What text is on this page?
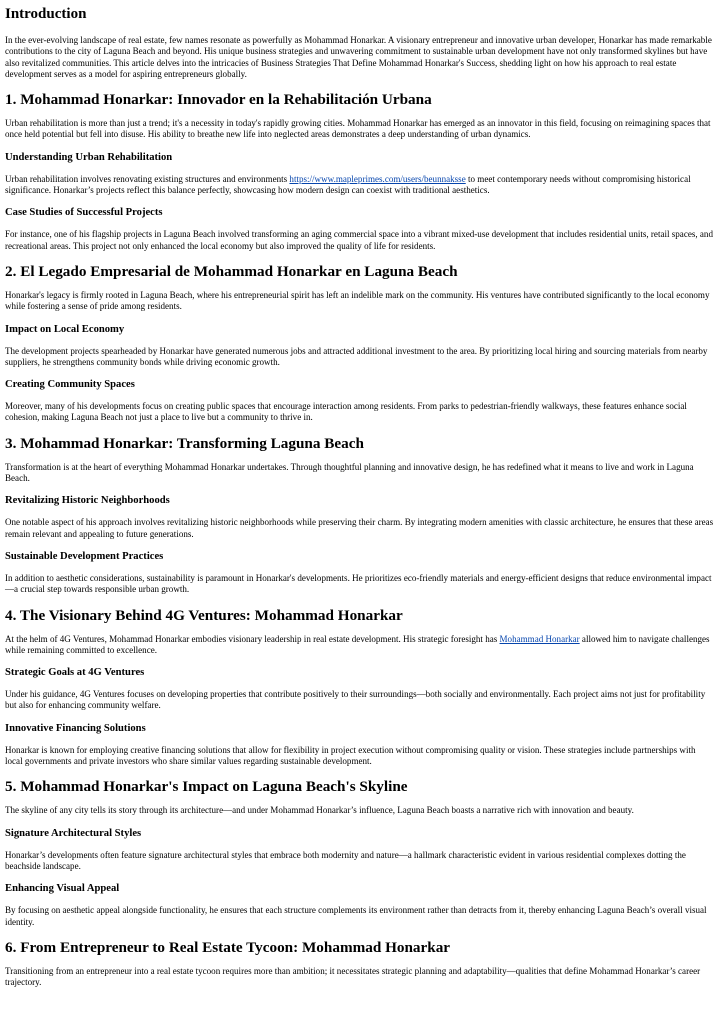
Introduction

In the ever-evolving landscape of real estate, few names resonate as powerfully as Mohammad Honarkar. A visionary entrepreneur and innovative urban developer, Honarkar has made remarkable contributions to the city of Laguna Beach and beyond. His unique business strategies and unwavering commitment to sustainable urban development have not only transformed skylines but have also revitalized communities. This article delves into the intricacies of Business Strategies That Define Mohammad Honarkar's Success, shedding light on how his approach to real estate development serves as a model for aspiring entrepreneurs globally.

1. Mohammad Honarkar: Innovador en la Rehabilitación Urbana

Urban rehabilitation is more than just a trend; it's a necessity in today's rapidly growing cities. Mohammad Honarkar has emerged as an innovator in this field, focusing on reimagining spaces that once held potential but fell into disuse. His ability to breathe new life into neglected areas demonstrates a deep understanding of urban dynamics.

Understanding Urban Rehabilitation

Urban rehabilitation involves renovating existing structures and environments https://www.mapleprimes.com/users/beunnaksse to meet contemporary needs without compromising historical significance. Honarkar’s projects reflect this balance perfectly, showcasing how modern design can coexist with traditional aesthetics.

Case Studies of Successful Projects

For instance, one of his flagship projects in Laguna Beach involved transforming an aging commercial space into a vibrant mixed-use development that includes residential units, retail spaces, and recreational areas. This project not only enhanced the local economy but also improved the quality of life for residents.

2. El Legado Empresarial de Mohammad Honarkar en Laguna Beach

Honarkar's legacy is firmly rooted in Laguna Beach, where his entrepreneurial spirit has left an indelible mark on the community. His ventures have contributed significantly to the local economy while fostering a sense of pride among residents.

Impact on Local Economy

The development projects spearheaded by Honarkar have generated numerous jobs and attracted additional investment to the area. By prioritizing local hiring and sourcing materials from nearby suppliers, he strengthens community bonds while driving economic growth.

Creating Community Spaces

Moreover, many of his developments focus on creating public spaces that encourage interaction among residents. From parks to pedestrian-friendly walkways, these features enhance social cohesion, making Laguna Beach not just a place to live but a community to thrive in.

3. Mohammad Honarkar: Transforming Laguna Beach

Transformation is at the heart of everything Mohammad Honarkar undertakes. Through thoughtful planning and innovative design, he has redefined what it means to live and work in Laguna Beach.

Revitalizing Historic Neighborhoods

One notable aspect of his approach involves revitalizing historic neighborhoods while preserving their charm. By integrating modern amenities with classic architecture, he ensures that these areas remain relevant and appealing to future generations.

Sustainable Development Practices

In addition to aesthetic considerations, sustainability is paramount in Honarkar's developments. He prioritizes eco-friendly materials and energy-efficient designs that reduce environmental impact—a crucial step towards responsible urban growth.

4. The Visionary Behind 4G Ventures: Mohammad Honarkar

At the helm of 4G Ventures, Mohammad Honarkar embodies visionary leadership in real estate development. His strategic foresight has Mohammad Honarkar allowed him to navigate challenges while remaining committed to excellence.

Strategic Goals at 4G Ventures

Under his guidance, 4G Ventures focuses on developing properties that contribute positively to their surroundings—both socially and environmentally. Each project aims not just for profitability but also for enhancing community welfare.

Innovative Financing Solutions

Honarkar is known for employing creative financing solutions that allow for flexibility in project execution without compromising quality or vision. These strategies include partnerships with local governments and private investors who share similar values regarding sustainable development.

5. Mohammad Honarkar's Impact on Laguna Beach's Skyline

The skyline of any city tells its story through its architecture—and under Mohammad Honarkar’s influence, Laguna Beach boasts a narrative rich with innovation and beauty.

Signature Architectural Styles

Honarkar’s developments often feature signature architectural styles that embrace both modernity and nature—a hallmark characteristic evident in various residential complexes dotting the beachside landscape.

Enhancing Visual Appeal

By focusing on aesthetic appeal alongside functionality, he ensures that each structure complements its environment rather than detracts from it, thereby enhancing Laguna Beach’s overall visual identity.

6. From Entrepreneur to Real Estate Tycoon: Mohammad Honarkar

Transitioning from an entrepreneur into a real estate tycoon requires more than ambition; it necessitates strategic planning and adaptability—qualities that define Mohammad Honarkar’s career trajectory.
